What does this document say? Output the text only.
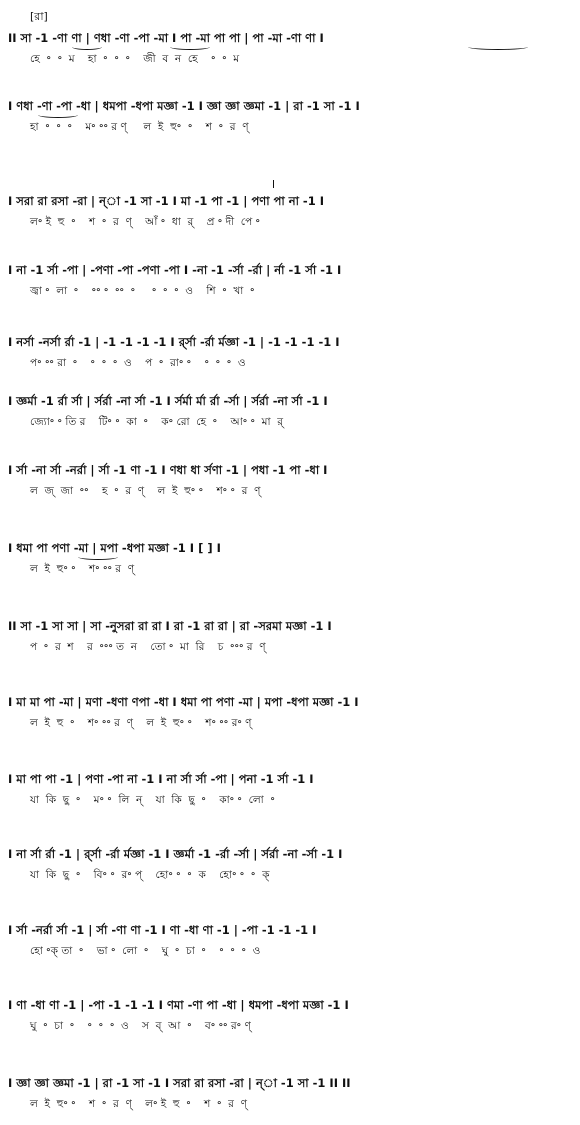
[রা]
II সা -1 -ণা ণা | ণধা -ণা -পা -মা I পা -মা পা পা | পা -মা -ণা ণা I
হে  ॰  ॰  ম    হা  ॰  ॰  ॰    জী  ব  ন  হে    ॰  ॰  ম
I ণধা -ণা -পা -ধা | ধমপা -ধপা মজ্ঞা -1 I জ্ঞা জ্ঞা জ্ঞমা -1 | রা -1 সা -1 I
হা  ॰  ॰  ॰    ম॰ ॰॰ র ণ্     ল  ই  হু॰  ॰    শ  ॰  র  ণ্
I সরা রা রসা -রা | ন্া -1 সা -1 I মা -1 পা -1 | পণা পা না -1 I
ল॰ ই  হু  ॰    শ  ॰  র  ণ্    আঁ ॰  ধা  র্    প্র ॰ দী  পে ॰
I না -1 র্সা -পা | -পণা -পা -পণা -পা I -না -1 -র্সা -র্রা | র্না -1 র্সা -1 I
জ্বা ॰  লা  ॰    ॰॰ ॰  ॰॰  ॰     ॰  ॰  ॰  ও    শি  ॰  খা  ॰
I নর্সা -নর্সা র্রা -1 | -1 -1 -1 -1 I র্র্সা -র্রা র্মজ্ঞা -1 | -1 -1 -1 -1 I
প॰ ॰॰ রা  ॰    ॰  ॰  ॰  ও    প  ॰  রা॰ ॰    ॰  ॰  ॰  ও
I জ্ঞর্মা -1 র্রা র্সা | র্সর্রা -না র্সা -1 I র্সর্মা র্মা র্রা -র্সা | র্সর্রা -না র্সা -1 I
জ্যো॰ ॰ তি র    টি॰ ॰  কা  ॰    ক॰ রো  হে  ॰    আ॰ ॰  মা  র্
I র্সা -না র্সা -নর্রা | র্সা -1 ণা -1 I ণধা ধা র্সণা -1 | পধা -1 পা -ধা I
ল  জ্  জা  ॰॰    হ  ॰  র  ণ্    ল  ই  হু॰ ॰    শ॰ ॰  র  ণ্
I ধমা পা পণা -মা | মপা -ধপা মজ্ঞা -1 I [ ] I
ল  ই  হু॰ ॰    শ॰ ॰॰ র  ণ্
II সা -1 সা সা | সা -নুসরা রা রা I রা -1 রা রা | রা -সরমা মজ্ঞা -1 I
প  ॰  র  শ    র  ॰॰॰ ত  ন    তো ॰  মা  রি    চ  ॰॰॰ র  ণ্
I মা মা পা -মা | মণা -ধণা ণপা -ধা I ধমা পা পণা -মা | মপা -ধপা মজ্ঞা -1 I
ল  ই  হু  ॰    শ॰ ॰॰ র  ণ্    ল  ই  হু॰ ॰    শ॰ ॰॰ র॰ ণ্
I মা পা পা -1 | পণা -পা না -1 I না র্সা র্সা -পা | পনা -1 র্সা -1 I
যা  কি  ছু  ॰    ম॰ ॰  লি  ন্    যা  কি  ছু  ॰    কা॰ ॰  লো  ॰
I না র্সা র্রা -1 | র্র্সা -র্রা র্মজ্ঞা -1 I জ্ঞর্মা -1 -র্রা -র্সা | র্সর্রা -না -র্সা -1 I
যা  কি  ছু  ॰    বি॰ ॰  র॰ প্    হো॰ ॰  ॰  ক    হো॰ ॰  ॰  ক্
I র্সা -নর্রা র্সা -1 | র্সা -ণা ণা -1 I ণা -ধা ণা -1 | -পা -1 -1 -1 I
হো ॰ক্ তা  ॰    ভা ॰  লো  ॰    ঘু  ॰  চা  ॰    ॰  ॰  ॰  ও
I ণা -ধা ণা -1 | -পা -1 -1 -1 I ণমা -ণা পা -ধা | ধমপা -ধপা মজ্ঞা -1 I
ঘু  ॰  চা  ॰    ॰  ॰  ॰  ও    স  ব্  আ  ॰    ব॰ ॰॰ র॰ ণ্
I জ্ঞা জ্ঞা জ্ঞমা -1 | রা -1 সা -1 I সরা রা রসা -রা | ন্া -1 সা -1 II II
ল  ই  হু॰ ॰    শ  ॰  র  ণ্    ল॰ ই  হু  ॰    শ  ॰  র  ণ্
